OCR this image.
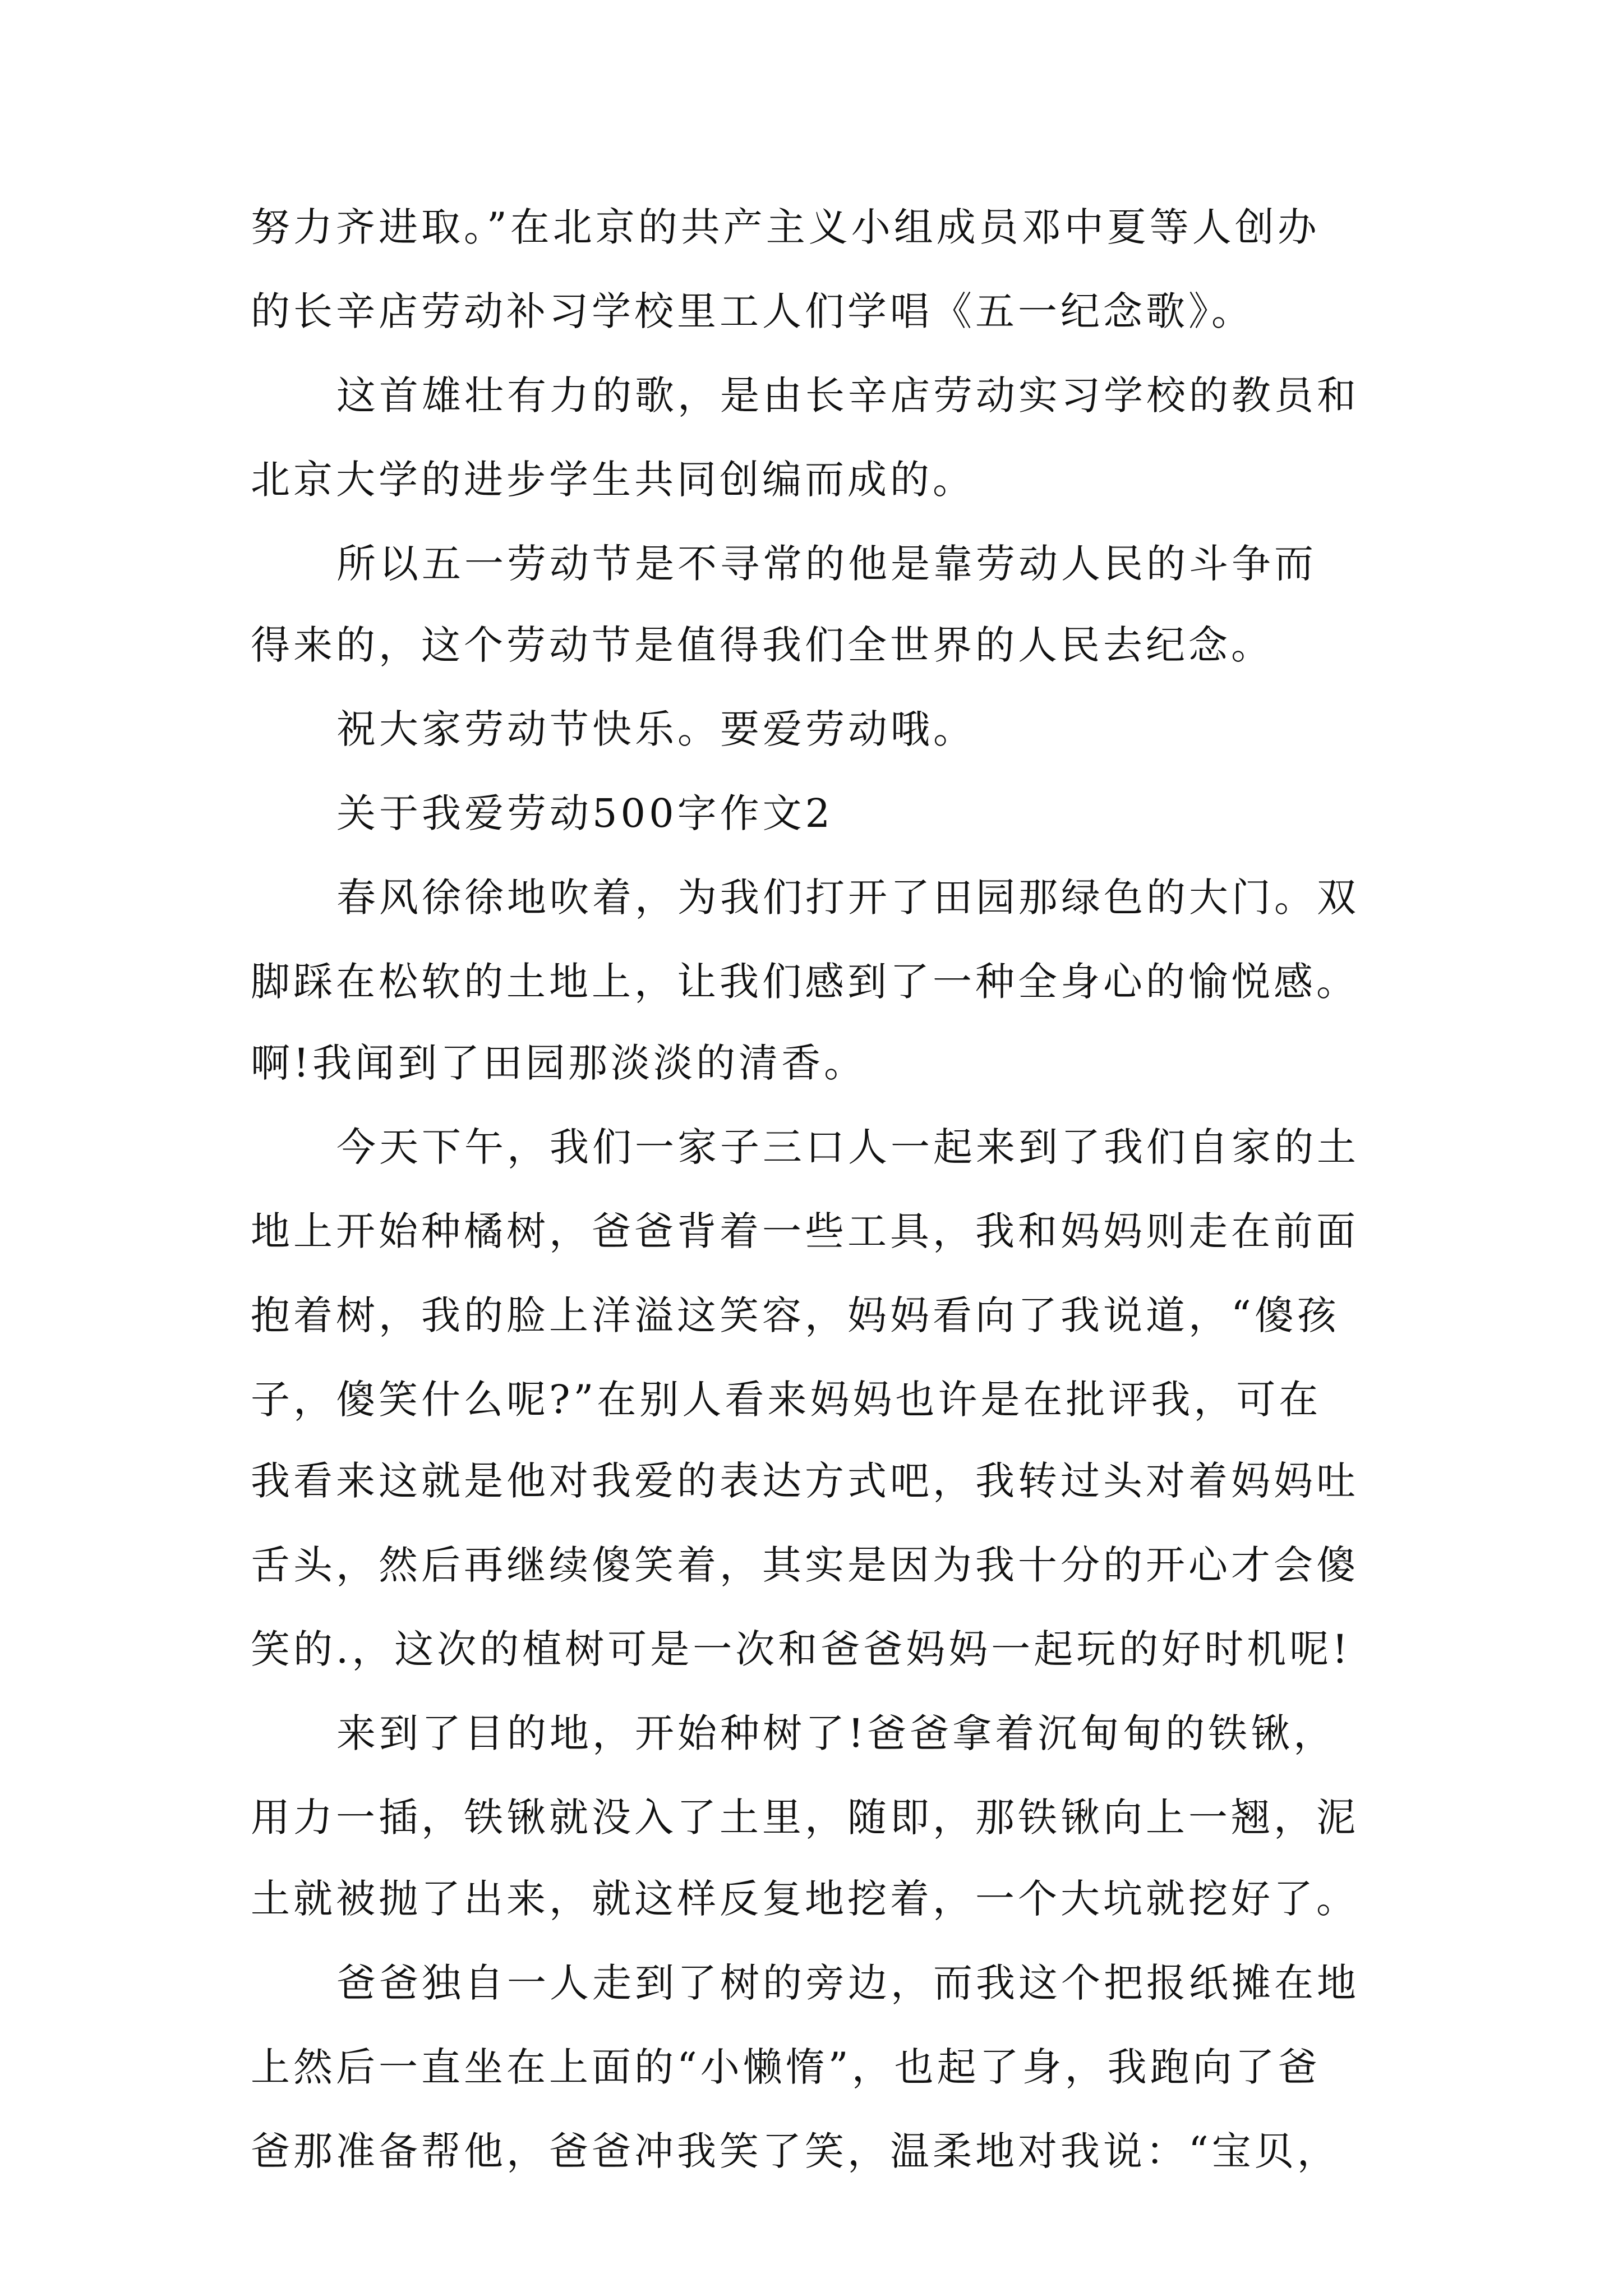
努力齐进取。”在北京的共产主义小组成员邓中夏等人创办
的长辛店劳动补习学校里工人们学唱《五一纪念歌》。
这首雄壮有力的歌，是由长辛店劳动实习学校的教员和
北京大学的进步学生共同创编而成的。
所以五一劳动节是不寻常的他是靠劳动人民的斗争而
得来的，这个劳动节是值得我们全世界的人民去纪念。
祝大家劳动节快乐。要爱劳动哦。
关于我爱劳动500字作文2
春风徐徐地吹着，为我们打开了田园那绿色的大门。双
脚踩在松软的土地上，让我们感到了一种全身心的愉悦感。
啊!我闻到了田园那淡淡的清香。
今天下午，我们一家子三口人一起来到了我们自家的土
地上开始种橘树，爸爸背着一些工具，我和妈妈则走在前面
抱着树，我的脸上洋溢这笑容，妈妈看向了我说道，“傻孩
子，傻笑什么呢?”在别人看来妈妈也许是在批评我，可在
我看来这就是他对我爱的表达方式吧，我转过头对着妈妈吐
舌头，然后再继续傻笑着，其实是因为我十分的开心才会傻
笑的.，这次的植树可是一次和爸爸妈妈一起玩的好时机呢!
来到了目的地，开始种树了!爸爸拿着沉甸甸的铁锹，
用力一插，铁锹就没入了土里，随即，那铁锹向上一翘，泥
土就被抛了出来，就这样反复地挖着，一个大坑就挖好了。
爸爸独自一人走到了树的旁边，而我这个把报纸摊在地
上然后一直坐在上面的“小懒惰”，也起了身，我跑向了爸
爸那准备帮他，爸爸冲我笑了笑，温柔地对我说：“宝贝，
